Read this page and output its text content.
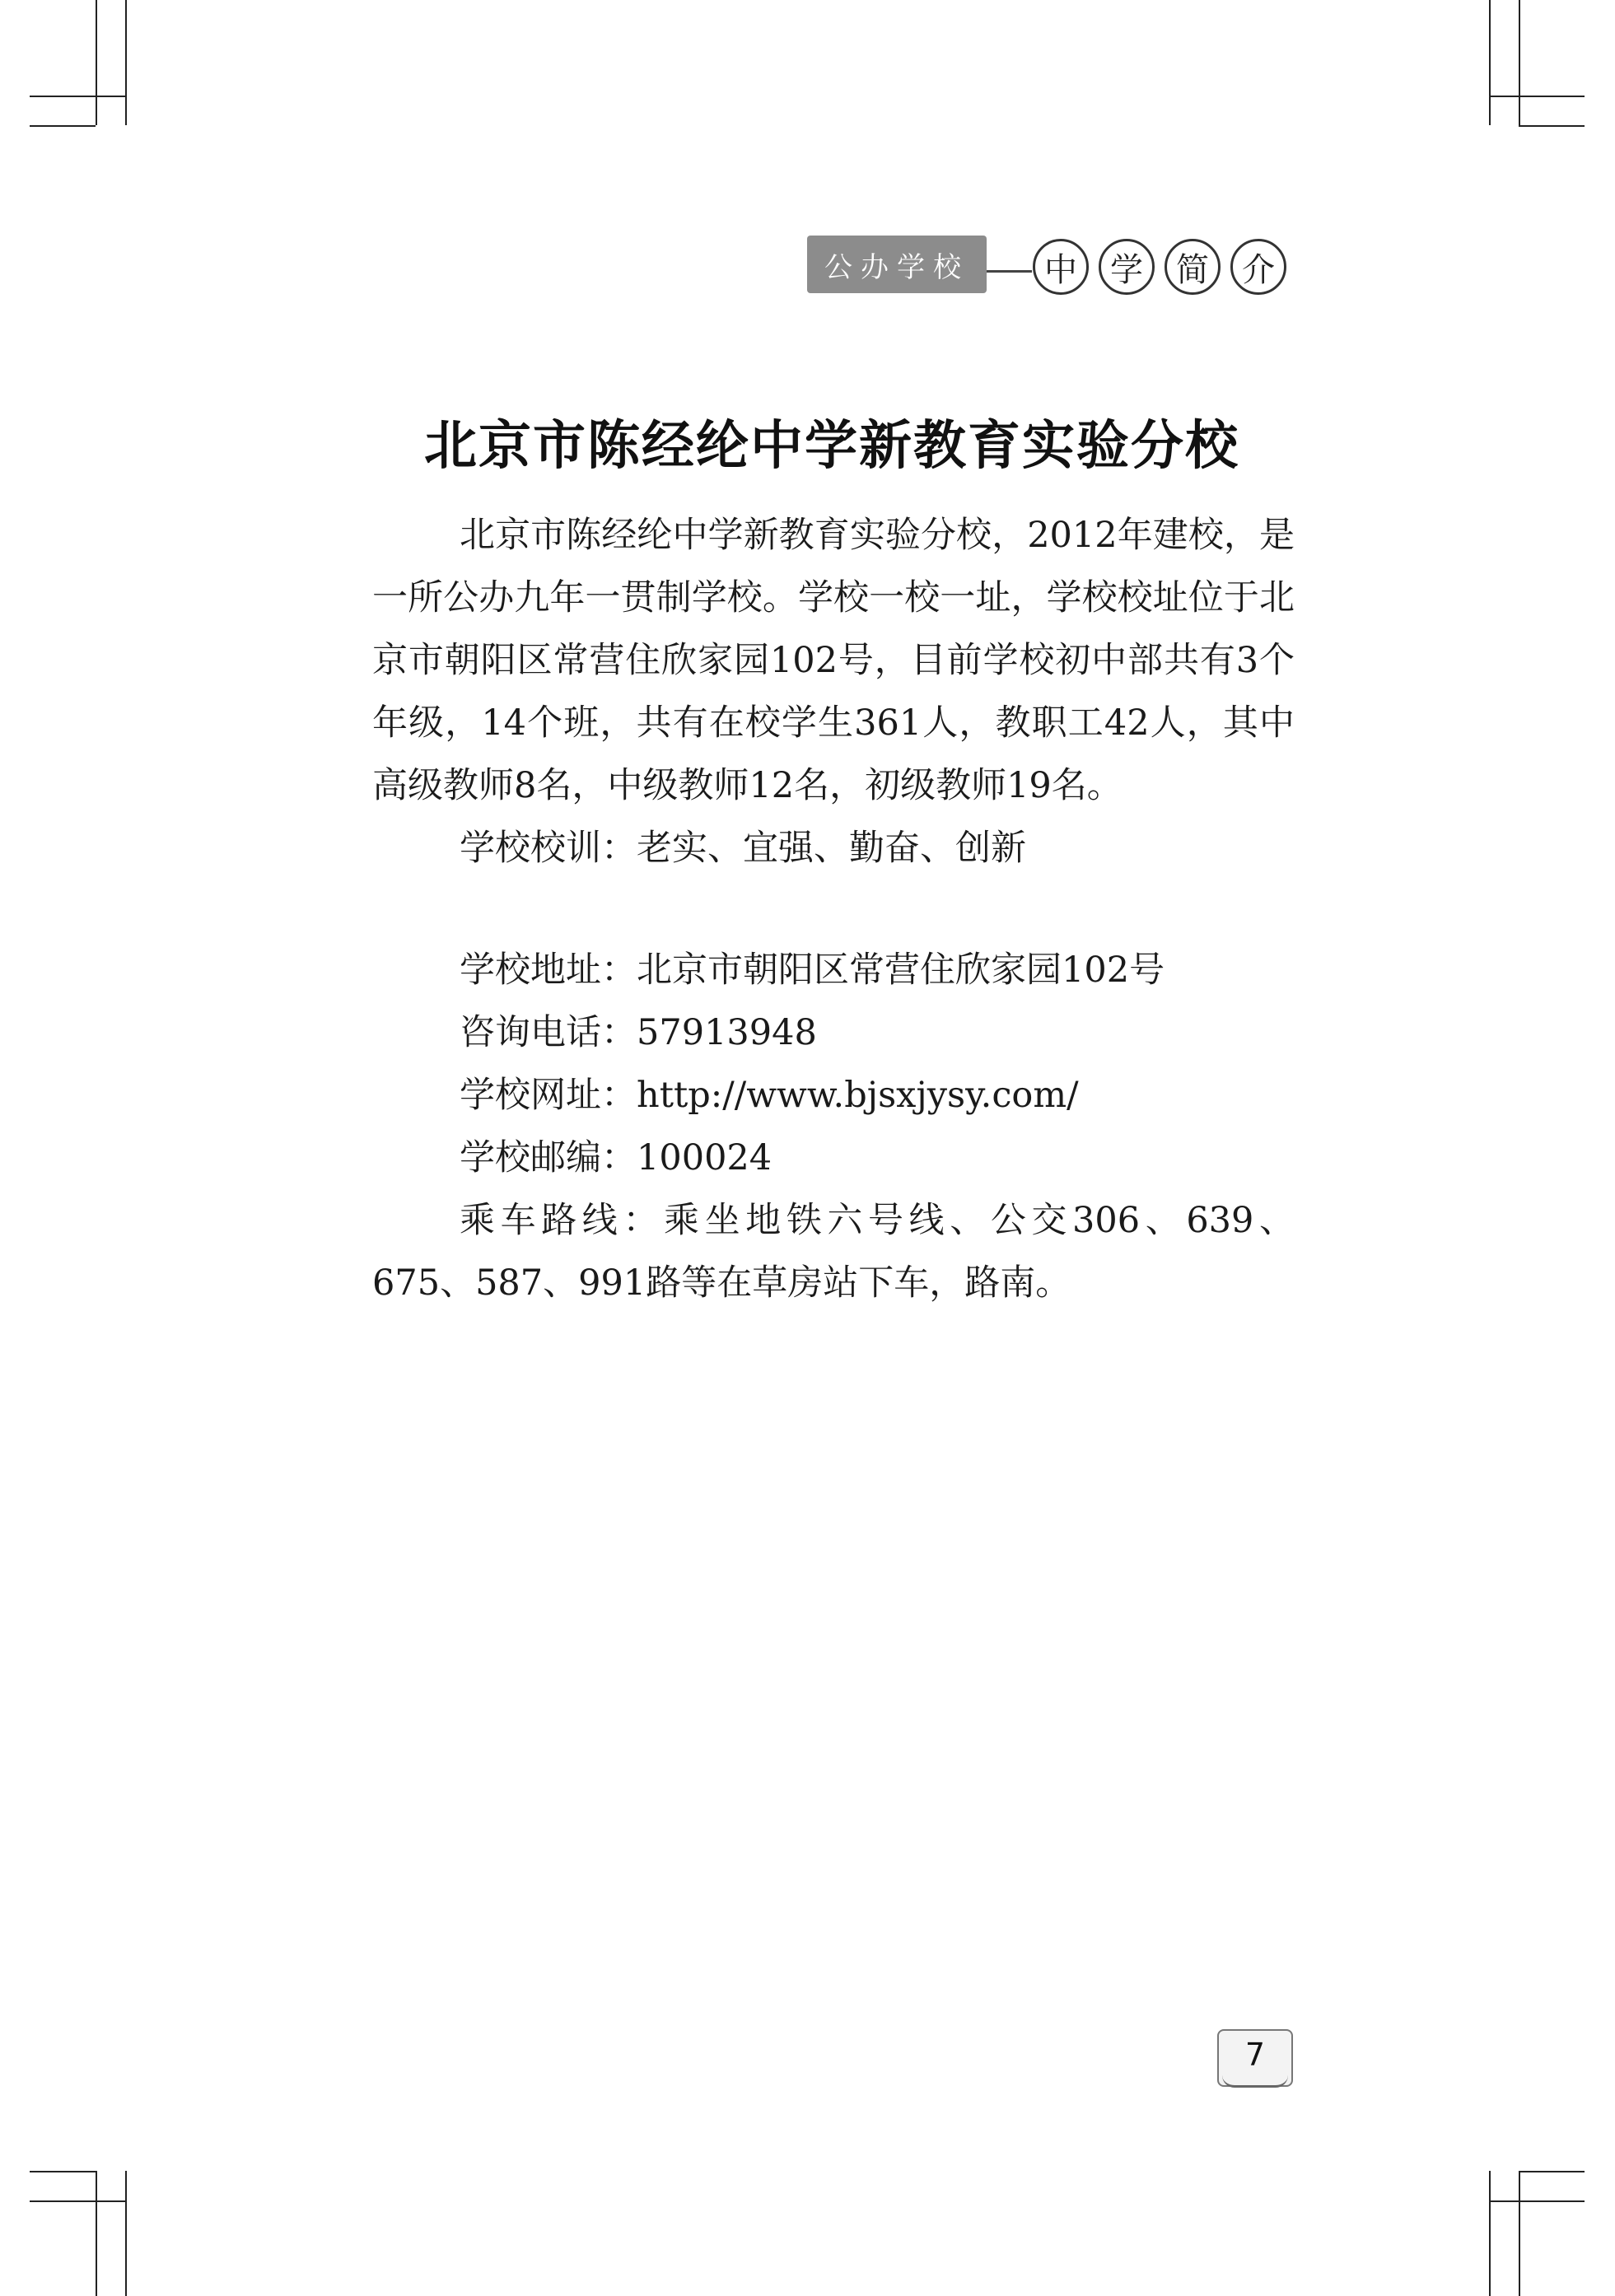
公办学校	中	学	简	介
北京市陈经纶中学新教育实验分校

北京市陈经纶中学新教育实验分校，2012年建校，是一所公办九年一贯制学校。学校一校一址，学校校址位于北京市朝阳区常营住欣家园102号，目前学校初中部共有3个年级，14个班，共有在校学生361人，教职工42人，其中高级教师8名，中级教师12名，初级教师19名。

学校校训：老实、宜强、勤奋、创新

学校地址：北京市朝阳区常营住欣家园102号

咨询电话：57913948

学校网址：http://www.bjsxjysy.com/

学校邮编：100024

乘车路线：乘坐地铁六号线、公交306、639、675、587、991路等在草房站下车，路南。

7
